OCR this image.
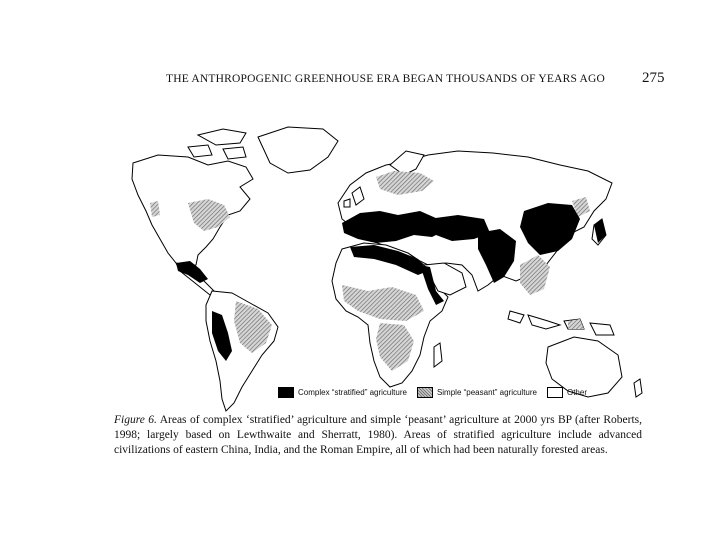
THE ANTHROPOGENIC GREENHOUSE ERA BEGAN THOUSANDS OF YEARS AGO 275
Complex “stratified” agriculture	Simple “peasant” agriculture	Other
Figure 6. Areas of complex ‘stratified’ agriculture and simple ‘peasant’ agriculture at 2000 yrs BP (after Roberts, 1998; largely based on Lewthwaite and Sherratt, 1980). Areas of stratified agriculture include advanced civilizations of eastern China, India, and the Roman Empire, all of which had been naturally forested areas.
